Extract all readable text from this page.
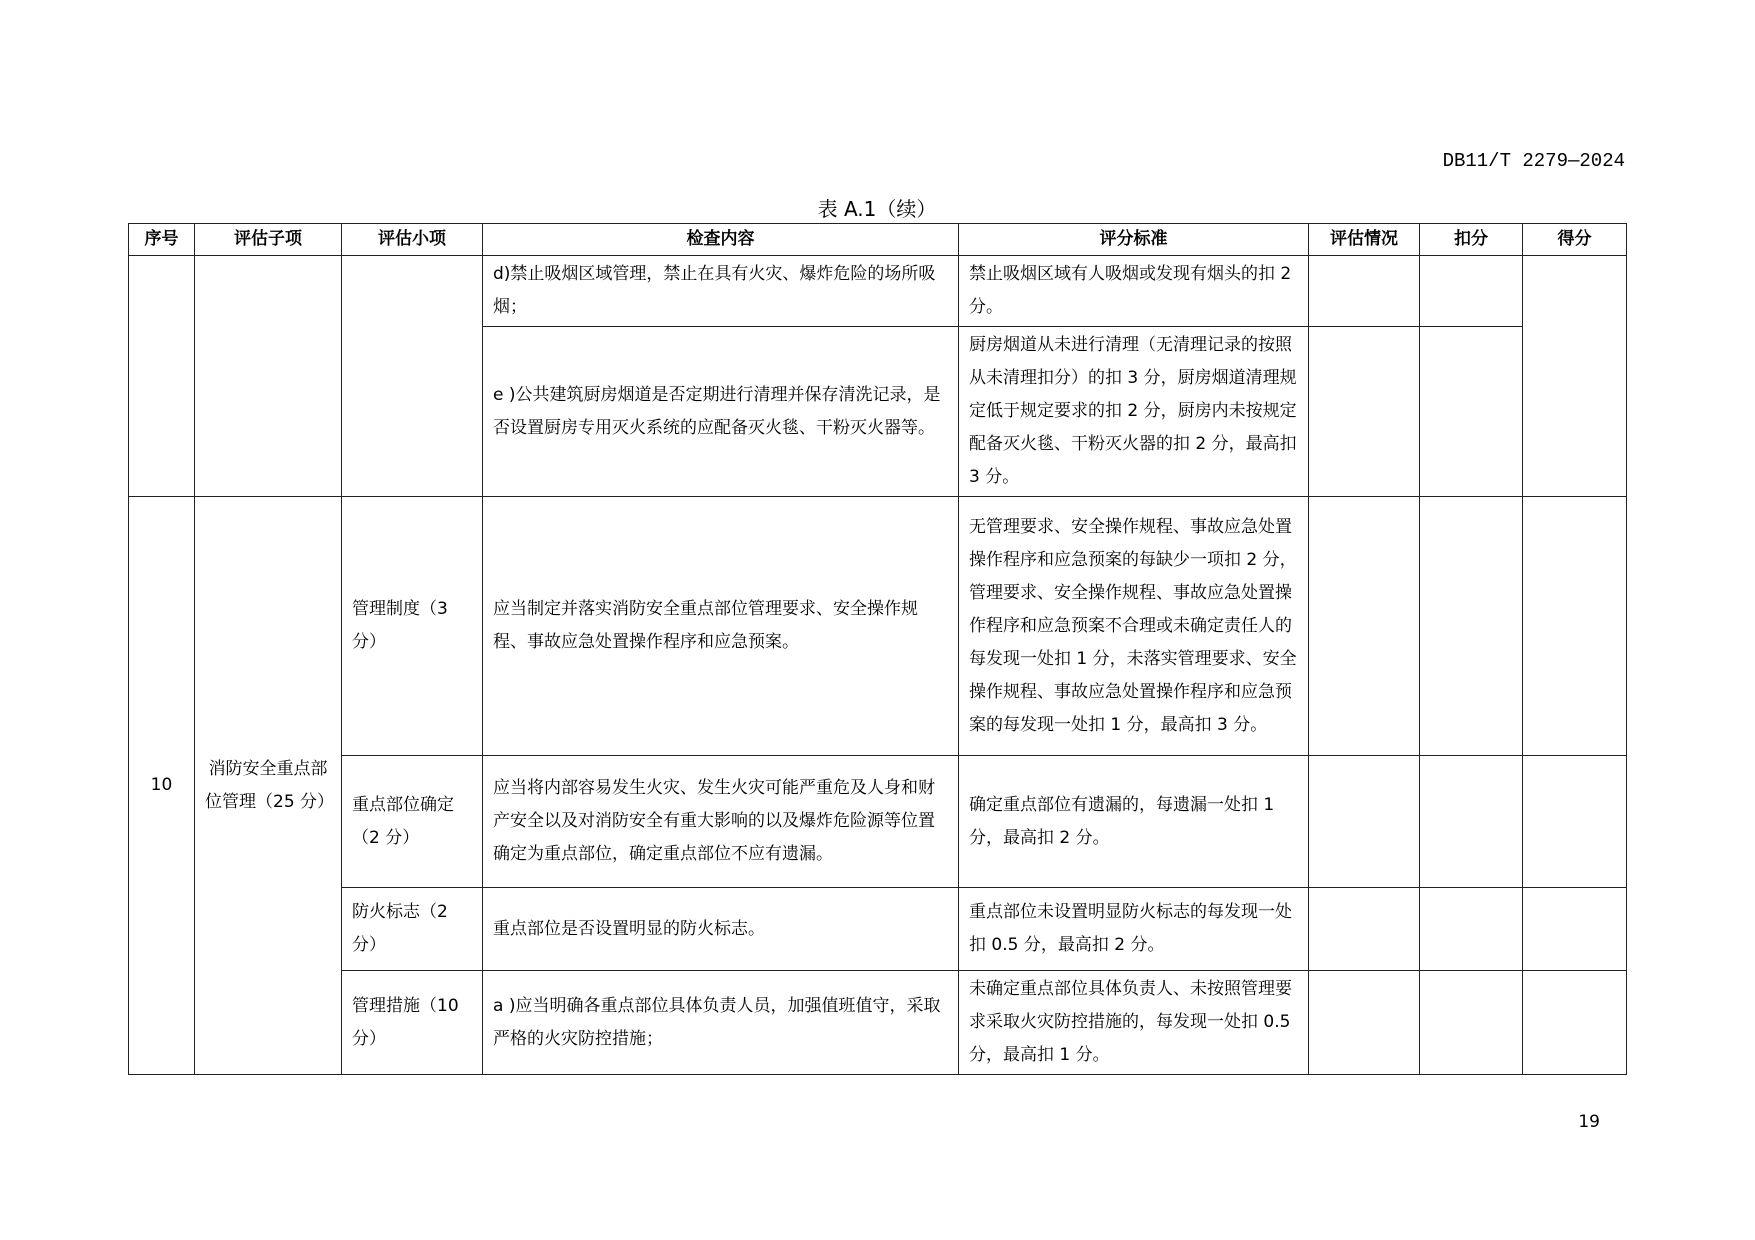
DB11/T 2279—2024
表 A.1（续）
序号	评估子项	评估小项	检查内容	评分标准	评估情况	扣分	得分
			d)禁止吸烟区域管理，禁止在具有火灾、爆炸危险的场所吸烟；	禁止吸烟区域有人吸烟或发现有烟头的扣 2 分。			
			e )公共建筑厨房烟道是否定期进行清理并保存清洗记录，是否设置厨房专用灭火系统的应配备灭火毯、干粉灭火器等。	厨房烟道从未进行清理（无清理记录的按照从未清理扣分）的扣 3 分，厨房烟道清理规定低于规定要求的扣 2 分，厨房内未按规定配备灭火毯、干粉灭火器的扣 2 分，最高扣 3 分。			
10	消防安全重点部位管理（25 分）	管理制度（3 分）	应当制定并落实消防安全重点部位管理要求、安全操作规程、事故应急处置操作程序和应急预案。	无管理要求、安全操作规程、事故应急处置操作程序和应急预案的每缺少一项扣 2 分，管理要求、安全操作规程、事故应急处置操作程序和应急预案不合理或未确定责任人的每发现一处扣 1 分，未落实管理要求、安全操作规程、事故应急处置操作程序和应急预案的每发现一处扣 1 分，最高扣 3 分。			
		重点部位确定（2 分）	应当将内部容易发生火灾、发生火灾可能严重危及人身和财产安全以及对消防安全有重大影响的以及爆炸危险源等位置确定为重点部位，确定重点部位不应有遗漏。	确定重点部位有遗漏的，每遗漏一处扣 1 分，最高扣 2 分。			
		防火标志（2 分）	重点部位是否设置明显的防火标志。	重点部位未设置明显防火标志的每发现一处扣 0.5 分，最高扣 2 分。			
		管理措施（10 分）	a )应当明确各重点部位具体负责人员，加强值班值守，采取严格的火灾防控措施；	未确定重点部位具体负责人、未按照管理要求采取火灾防控措施的，每发现一处扣 0.5 分，最高扣 1 分。			
19
